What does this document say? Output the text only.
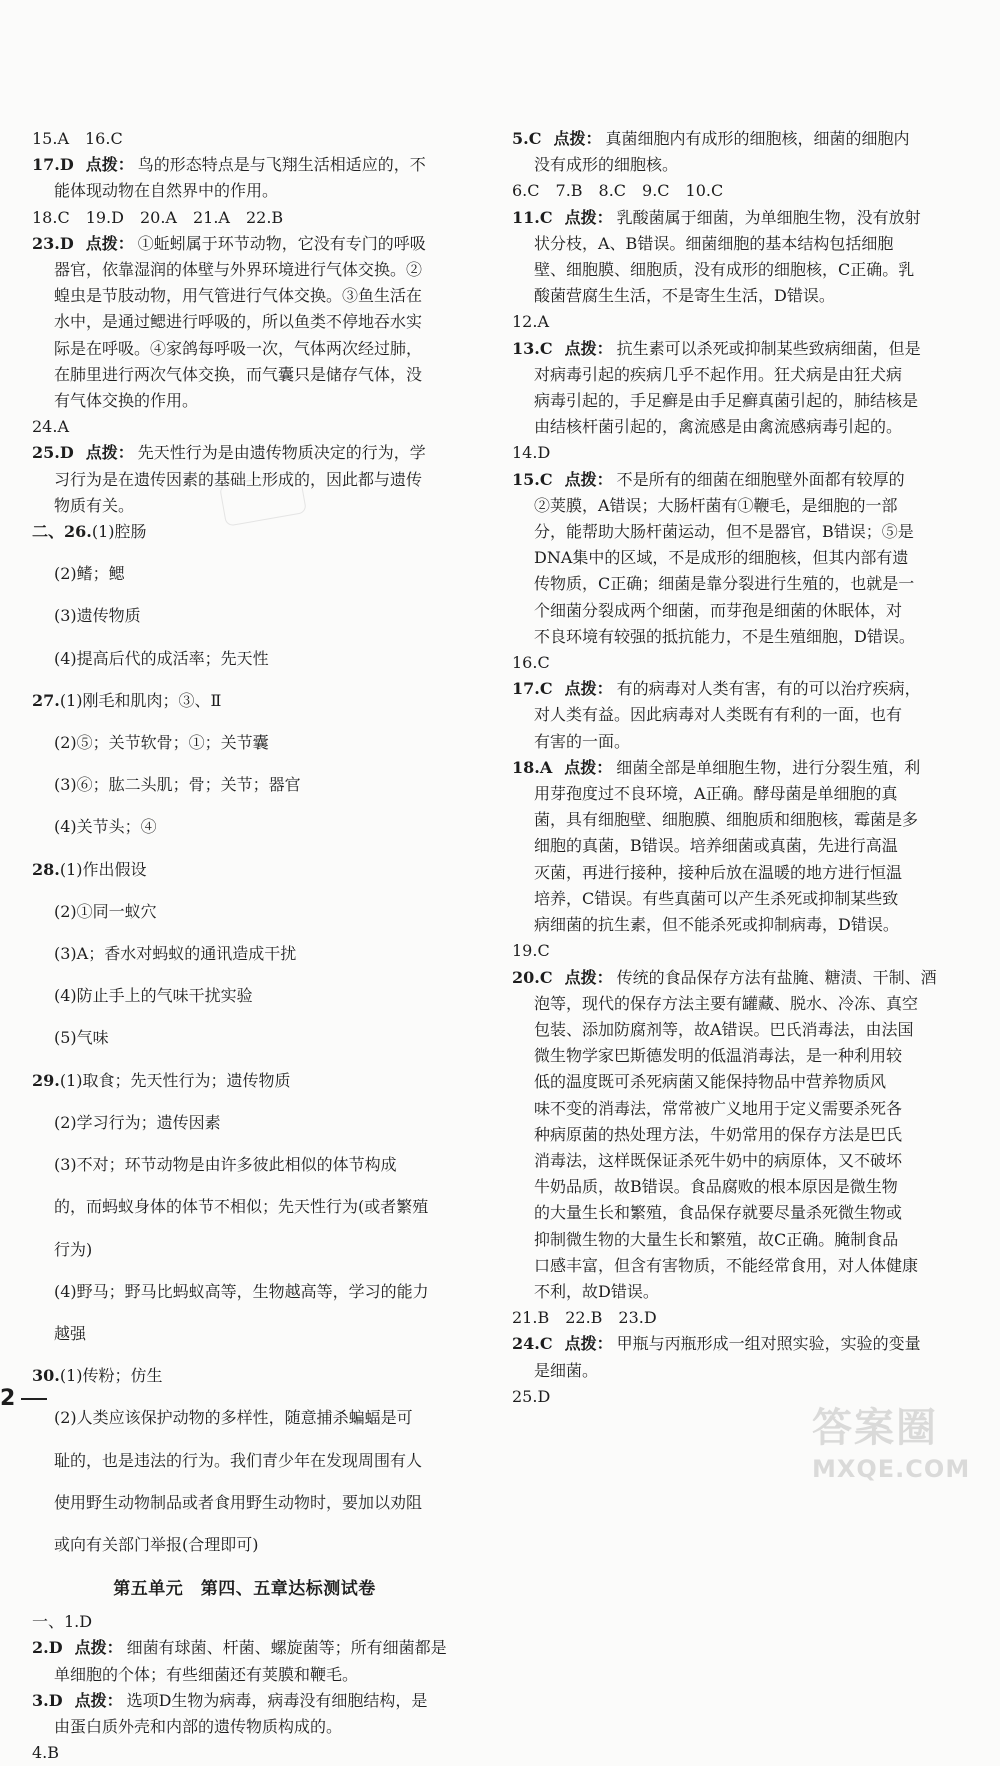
15.A　16.C

17.D 点拨： 鸟的形态特点是与飞翔生活相适应的，不

能体现动物在自然界中的作用。

18.C　19.D　20.A　21.A　22.B

23.D 点拨： ①蚯蚓属于环节动物，它没有专门的呼吸

器官，依靠湿润的体壁与外界环境进行气体交换。②

蝗虫是节肢动物，用气管进行气体交换。③鱼生活在

水中，是通过鳃进行呼吸的，所以鱼类不停地吞水实

际是在呼吸。④家鸽每呼吸一次，气体两次经过肺，

在肺里进行两次气体交换，而气囊只是储存气体，没

有气体交换的作用。

24.A

25.D 点拨： 先天性行为是由遗传物质决定的行为，学

习行为是在遗传因素的基础上形成的，因此都与遗传

物质有关。

二、26.(1)腔肠

(2)鳍；鳃

(3)遗传物质

(4)提高后代的成活率；先天性

27.(1)刚毛和肌肉；③、Ⅱ

(2)⑤；关节软骨；①；关节囊

(3)⑥；肱二头肌；骨；关节；器官

(4)关节头；④

28.(1)作出假设

(2)①同一蚁穴

(3)A；香水对蚂蚁的通讯造成干扰

(4)防止手上的气味干扰实验

(5)气味

29.(1)取食；先天性行为；遗传物质

(2)学习行为；遗传因素

(3)不对；环节动物是由许多彼此相似的体节构成

的，而蚂蚁身体的体节不相似；先天性行为(或者繁殖

行为)

(4)野马；野马比蚂蚁高等，生物越高等，学习的能力

越强

30.(1)传粉；仿生

(2)人类应该保护动物的多样性，随意捕杀蝙蝠是可

耻的，也是违法的行为。我们青少年在发现周围有人

使用野生动物制品或者食用野生动物时，要加以劝阻

或向有关部门举报(合理即可)

第五单元　第四、五章达标测试卷

一、1.D

2.D 点拨： 细菌有球菌、杆菌、螺旋菌等；所有细菌都是

单细胞的个体；有些细菌还有荚膜和鞭毛。

3.D 点拨： 选项D生物为病毒，病毒没有细胞结构，是

由蛋白质外壳和内部的遗传物质构成的。

4.B

5.C 点拨： 真菌细胞内有成形的细胞核，细菌的细胞内

没有成形的细胞核。

6.C　7.B　8.C　9.C　10.C

11.C 点拨： 乳酸菌属于细菌，为单细胞生物，没有放射

状分枝，A、B错误。细菌细胞的基本结构包括细胞

壁、细胞膜、细胞质，没有成形的细胞核，C正确。乳

酸菌营腐生生活，不是寄生生活，D错误。

12.A

13.C 点拨： 抗生素可以杀死或抑制某些致病细菌，但是

对病毒引起的疾病几乎不起作用。狂犬病是由狂犬病

病毒引起的，手足癣是由手足癣真菌引起的，肺结核是

由结核杆菌引起的，禽流感是由禽流感病毒引起的。

14.D

15.C 点拨： 不是所有的细菌在细胞壁外面都有较厚的

②荚膜，A错误；大肠杆菌有①鞭毛，是细胞的一部

分，能帮助大肠杆菌运动，但不是器官，B错误；⑤是

DNA集中的区域，不是成形的细胞核，但其内部有遗

传物质，C正确；细菌是靠分裂进行生殖的，也就是一

个细菌分裂成两个细菌，而芽孢是细菌的休眠体，对

不良环境有较强的抵抗能力，不是生殖细胞，D错误。

16.C

17.C 点拨： 有的病毒对人类有害，有的可以治疗疾病，

对人类有益。因此病毒对人类既有有利的一面，也有

有害的一面。

18.A 点拨： 细菌全部是单细胞生物，进行分裂生殖，利

用芽孢度过不良环境，A正确。酵母菌是单细胞的真

菌，具有细胞壁、细胞膜、细胞质和细胞核，霉菌是多

细胞的真菌，B错误。培养细菌或真菌，先进行高温

灭菌，再进行接种，接种后放在温暖的地方进行恒温

培养，C错误。有些真菌可以产生杀死或抑制某些致

病细菌的抗生素，但不能杀死或抑制病毒，D错误。

19.C

20.C 点拨： 传统的食品保存方法有盐腌、糖渍、干制、酒

泡等，现代的保存方法主要有罐藏、脱水、冷冻、真空

包装、添加防腐剂等，故A错误。巴氏消毒法，由法国

微生物学家巴斯德发明的低温消毒法，是一种利用较

低的温度既可杀死病菌又能保持物品中营养物质风

味不变的消毒法，常常被广义地用于定义需要杀死各

种病原菌的热处理方法，牛奶常用的保存方法是巴氏

消毒法，这样既保证杀死牛奶中的病原体，又不破坏

牛奶品质，故B错误。食品腐败的根本原因是微生物

的大量生长和繁殖，食品保存就要尽量杀死微生物或

抑制微生物的大量生长和繁殖，故C正确。腌制食品

口感丰富，但含有害物质，不能经常食用，对人体健康

不利，故D错误。

21.B　22.B　23.D

24.C 点拨： 甲瓶与丙瓶形成一组对照实验，实验的变量

是细菌。

25.D

2
答案圈
MXQE.COM
